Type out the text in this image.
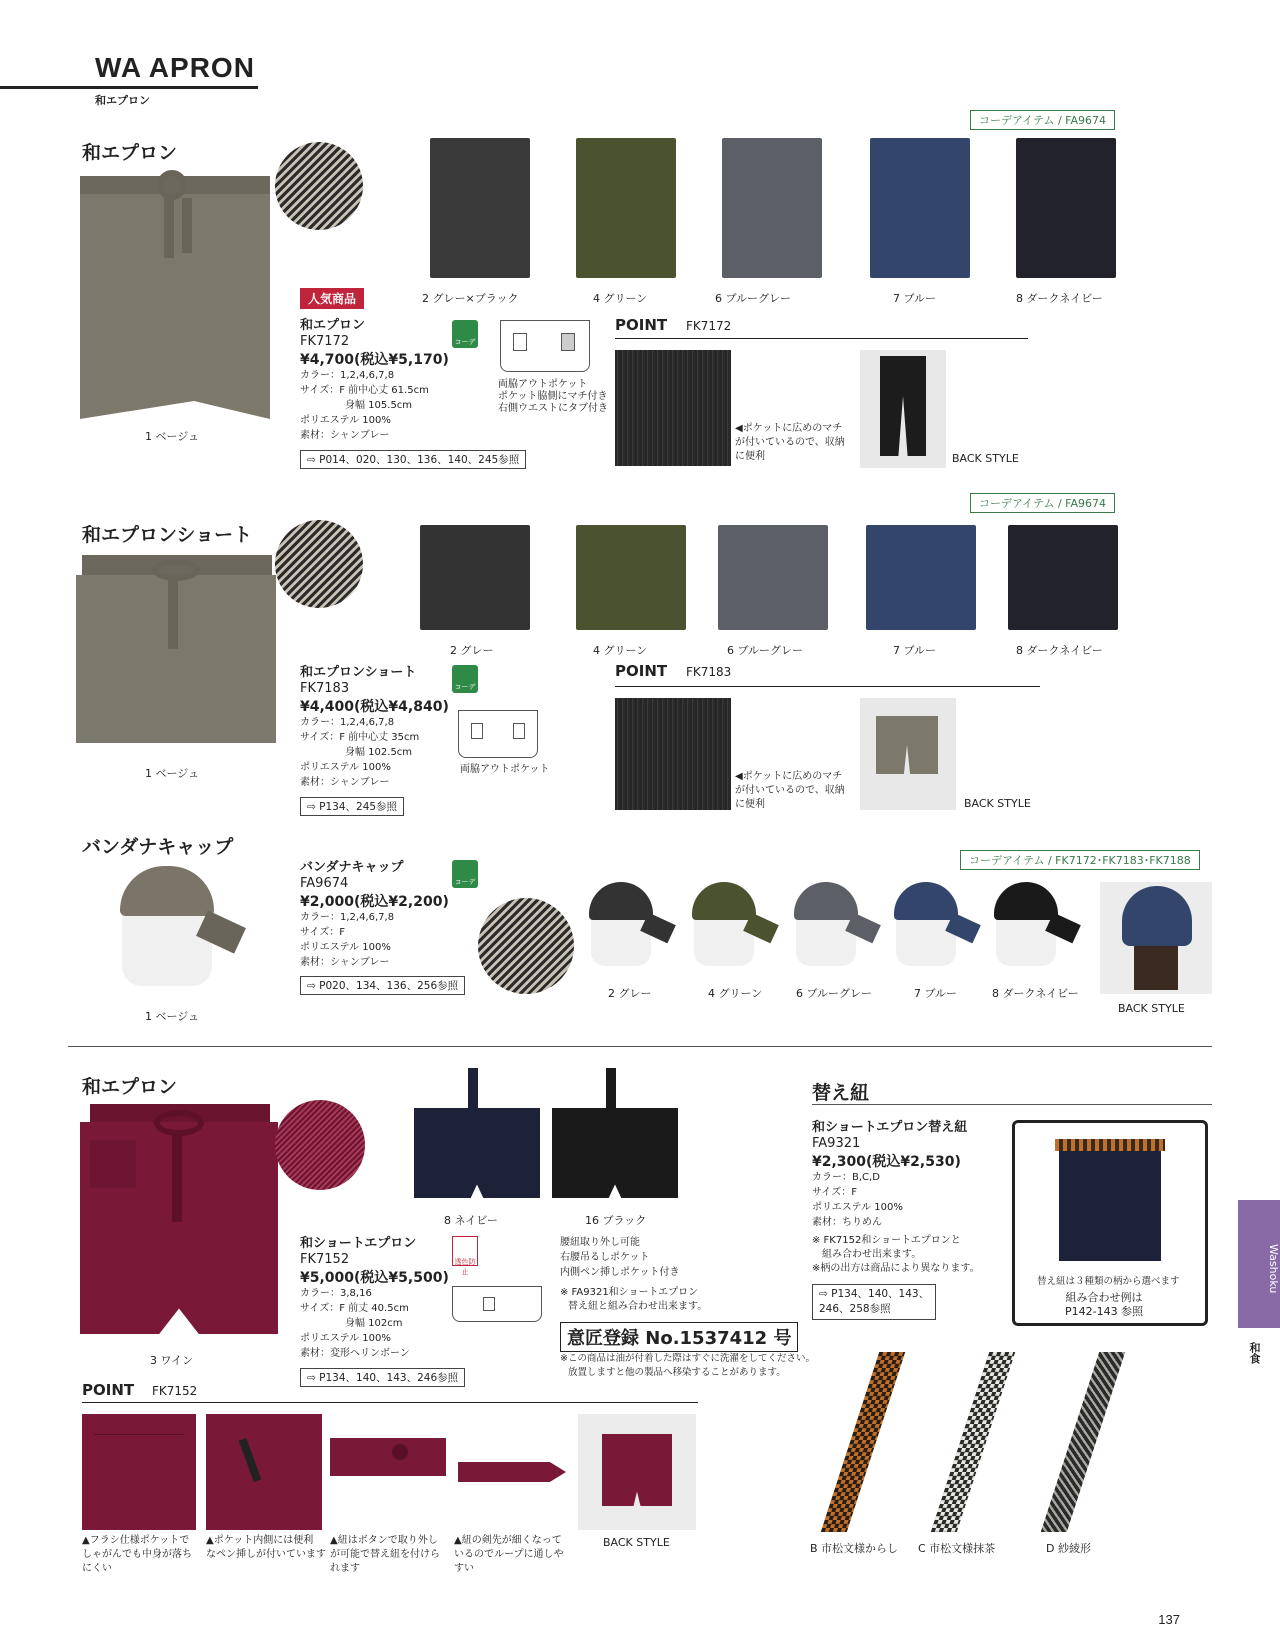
WA APRON
和エプロン
和エプロン
コーデアイテム / FA9674
1 ベージュ
2 グレー×ブラック	4 グリーン	6 ブルーグレー	7 ブルー	8 ダークネイビー
人気商品
和エプロン
FK7172
¥4,700(税込¥5,170)
カラー：1,2,4,6,7,8
サイズ：F 前中心丈 61.5cm
身幅 105.5cm
ポリエステル 100%
素材：シャンブレー
⇨ P014、020、130、136、140、245参照
コーデOK
両脇アウトポケット
ポケット脇側にマチ付き
右側ウエストにタブ付き
POINT FK7172
◀ポケットに広めのマチ
が付いているので、収納
に便利	BACK STYLE
和エプロンショート
コーデアイテム / FA9674
1 ベージュ
2 グレー	4 グリーン	6 ブルーグレー	7 ブルー	8 ダークネイビー
和エプロンショート
FK7183
¥4,400(税込¥4,840)
カラー：1,2,4,6,7,8
サイズ：F 前中心丈 35cm
身幅 102.5cm
ポリエステル 100%
素材：シャンブレー
⇨ P134、245参照
コーデOK
両脇アウトポケット
POINT FK7183
◀ポケットに広めのマチ
が付いているので、収納
に便利	BACK STYLE
バンダナキャップ
コーデアイテム / FK7172･FK7183･FK7188
1 ベージュ
バンダナキャップ
FA9674
¥2,000(税込¥2,200)
カラー：1,2,4,6,7,8
サイズ：F
ポリエステル 100%
素材：シャンブレー
⇨ P020、134、136、256参照
コーデOK
2 グレー	4 グリーン	6 ブルーグレー	7 ブルー	8 ダークネイビー
BACK STYLE
和エプロン
3 ワイン
8 ネイビー	16 ブラック
和ショートエプロン
FK7152
¥5,000(税込¥5,500)
カラー：3,8,16
サイズ：F 前丈 40.5cm
身幅 102cm
ポリエステル 100%
素材：変形ヘリンボーン
⇨ P134、140、143、246参照
透色防止
腰紐取り外し可能
右腰吊るしポケット
内側ペン挿しポケット付き
※ FA9321和ショートエプロン
替え紐と組み合わせ出来ます。
意匠登録 No.1537412 号
※この商品は油が付着した際はすぐに洗濯をしてください。
放置しますと他の製品へ移染することがあります。
POINT FK7152
▲フラシ仕様ポケットで
しゃがんでも中身が落ち
にくい
▲ポケット内側には便利
なペン挿しが付いています
▲紐はボタンで取り外し
が可能で替え紐を付けら
れます
▲紐の剣先が細くなって
いるのでループに通しや
すい
BACK STYLE
替え紐
和ショートエプロン替え紐
FA9321
¥2,300(税込¥2,530)
カラー：B,C,D
サイズ：F
ポリエステル 100%
素材：ちりめん
※ FK7152和ショートエプロンと
組み合わせ出来ます。
※柄の出方は商品により異なります。
⇨ P134、140、143、
246、258参照
替え紐は３種類の柄から選べます
組み合わせ例は
P142-143 参照
B 市松文様からし C 市松文様抹茶	D 紗綾形
Washoku
和食
137
